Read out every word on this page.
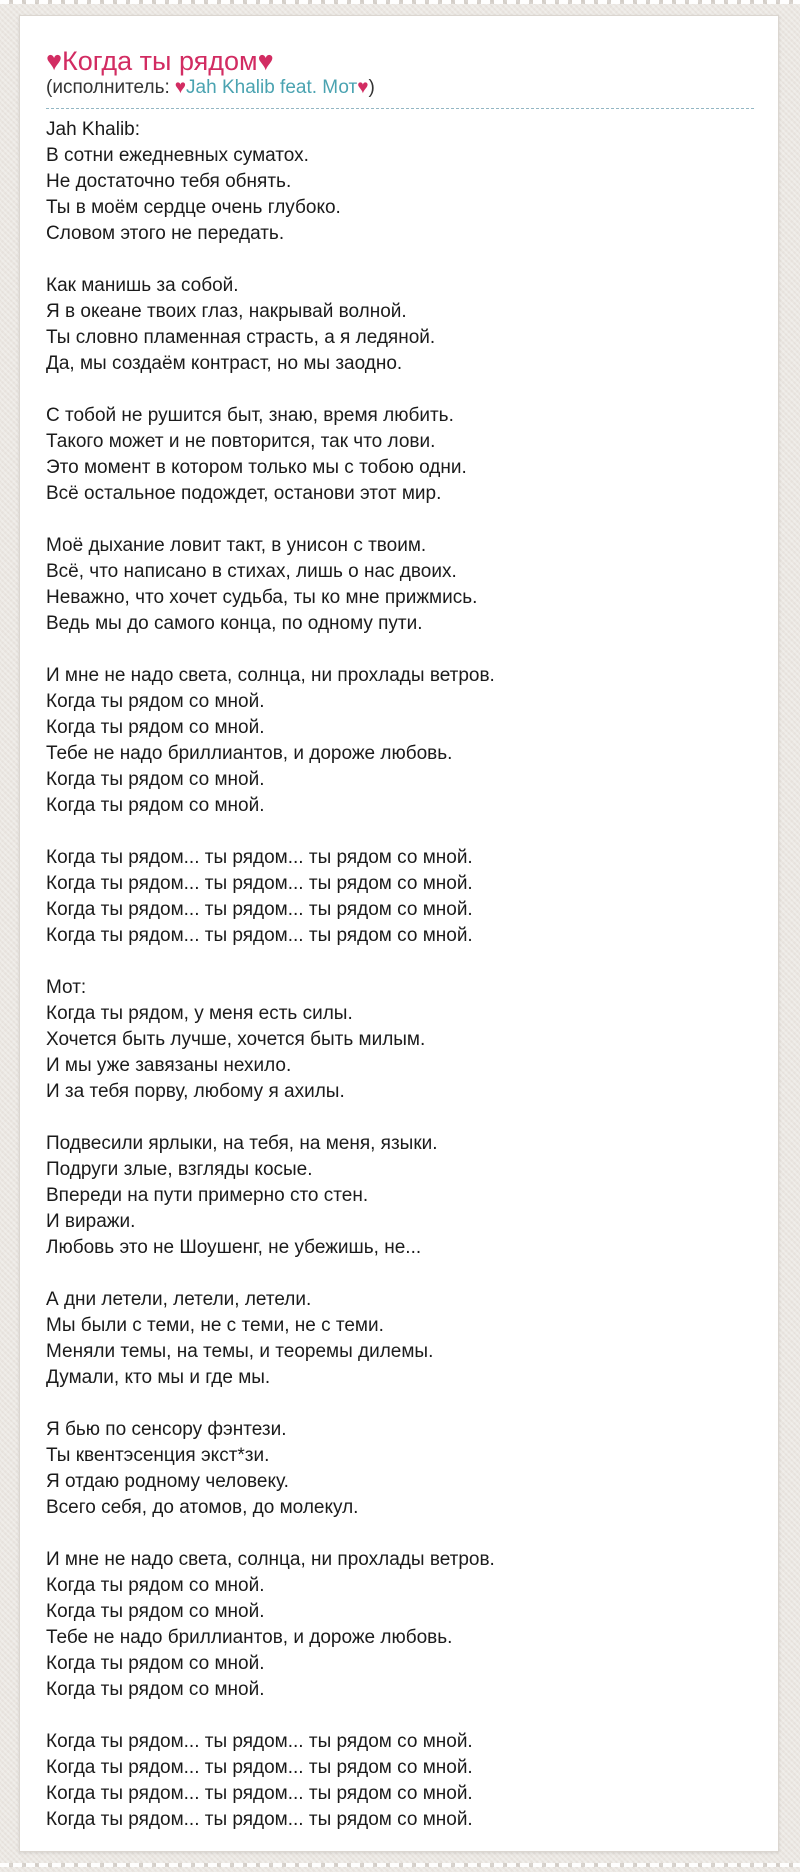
♥Когда ты рядом♥
(исполнитель: ♥Jah Khalib feat. Мот♥)

Jah Khalib:
В сотни ежедневных суматох.
Не достаточно тебя обнять.
Ты в моём сердце очень глубоко.
Словом этого не передать.

Как манишь за собой.
Я в океане твоих глаз, накрывай волной.
Ты словно пламенная страсть, а я ледяной.
Да, мы создаём контраст, но мы заодно.

С тобой не рушится быт, знаю, время любить.
Такого может и не повторится, так что лови.
Это момент в котором только мы с тобою одни.
Всё остальное подождет, останови этот мир.

Моё дыхание ловит такт, в унисон с твоим.
Всё, что написано в стихах, лишь о нас двоих.
Неважно, что хочет судьба, ты ко мне прижмись.
Ведь мы до самого конца, по одному пути.

И мне не надо света, солнца, ни прохлады ветров.
Когда ты рядом со мной.
Когда ты рядом со мной.
Тебе не надо бриллиантов, и дороже любовь.
Когда ты рядом со мной.
Когда ты рядом со мной.

Когда ты рядом... ты рядом... ты рядом со мной.
Когда ты рядом... ты рядом... ты рядом со мной.
Когда ты рядом... ты рядом... ты рядом со мной.
Когда ты рядом... ты рядом... ты рядом со мной.

Мот:
Когда ты рядом, у меня есть силы.
Хочется быть лучше, хочется быть милым.
И мы уже завязаны нехило.
И за тебя порву, любому я ахилы.

Подвесили ярлыки, на тебя, на меня, языки.
Подруги злые, взгляды косые.
Впереди на пути примерно сто стен.
И виражи.
Любовь это не Шоушенг, не убежишь, не...

А дни летели, летели, летели.
Мы были с теми, не с теми, не с теми.
Меняли темы, на темы, и теоремы дилемы.
Думали, кто мы и где мы.

Я бью по сенсору фэнтези.
Ты квентэсенция экст*зи.
Я отдаю родному человеку.
Всего себя, до атомов, до молекул.

И мне не надо света, солнца, ни прохлады ветров.
Когда ты рядом со мной.
Когда ты рядом со мной.
Тебе не надо бриллиантов, и дороже любовь.
Когда ты рядом со мной.
Когда ты рядом со мной.

Когда ты рядом... ты рядом... ты рядом со мной.
Когда ты рядом... ты рядом... ты рядом со мной.
Когда ты рядом... ты рядом... ты рядом со мной.
Когда ты рядом... ты рядом... ты рядом со мной.
